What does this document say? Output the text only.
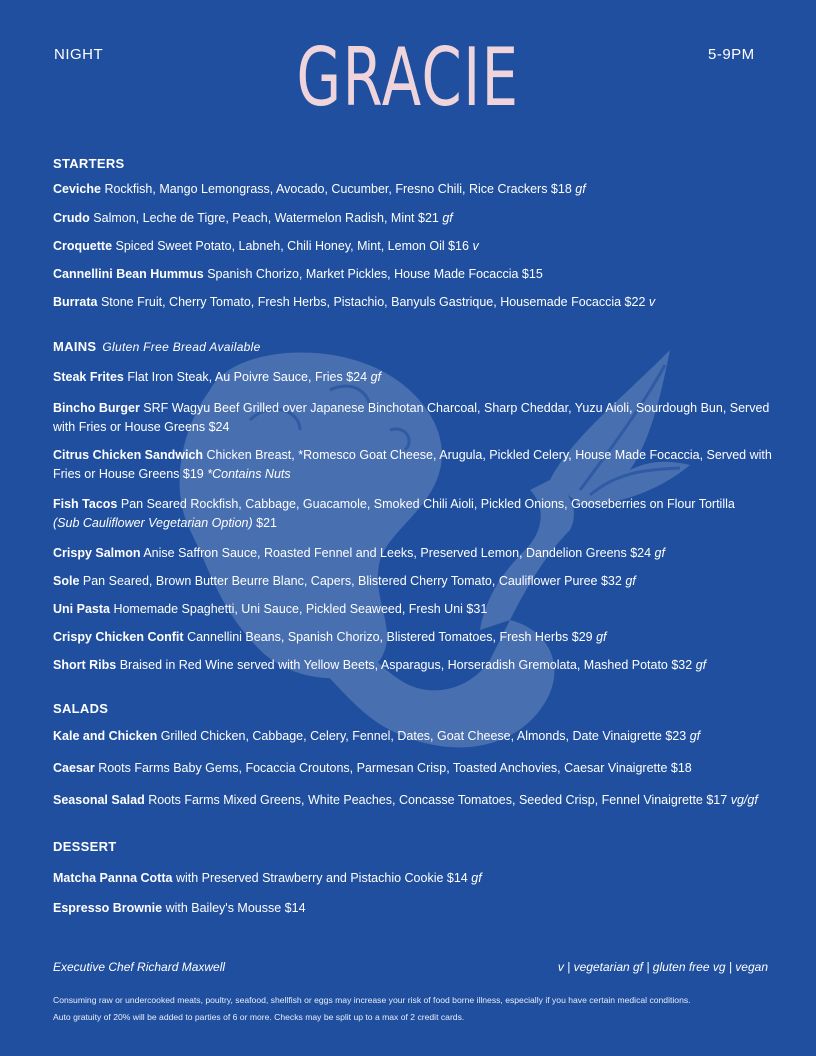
NIGHT	GRACIE	5-9PM
STARTERS
Ceviche Rockfish, Mango Lemongrass, Avocado, Cucumber, Fresno Chili, Rice Crackers $18 gf
Crudo Salmon, Leche de Tigre, Peach, Watermelon Radish, Mint $21 gf
Croquette Spiced Sweet Potato, Labneh, Chili Honey, Mint, Lemon Oil $16 v
Cannellini Bean Hummus Spanish Chorizo, Market Pickles, House Made Focaccia $15
Burrata Stone Fruit, Cherry Tomato, Fresh Herbs, Pistachio, Banyuls Gastrique, Housemade Focaccia $22 v
MAINS Gluten Free Bread Available
Steak Frites Flat Iron Steak, Au Poivre Sauce, Fries $24 gf
Bincho Burger SRF Wagyu Beef Grilled over Japanese Binchotan Charcoal, Sharp Cheddar, Yuzu Aioli, Sourdough Bun, Served with Fries or House Greens $24
Citrus Chicken Sandwich Chicken Breast, *Romesco Goat Cheese, Arugula, Pickled Celery, House Made Focaccia, Served with Fries or House Greens $19 *Contains Nuts
Fish Tacos Pan Seared Rockfish, Cabbage, Guacamole, Smoked Chili Aioli, Pickled Onions, Gooseberries on Flour Tortilla
(Sub Cauliflower Vegetarian Option) $21
Crispy Salmon Anise Saffron Sauce, Roasted Fennel and Leeks, Preserved Lemon, Dandelion Greens $24 gf
Sole Pan Seared, Brown Butter Beurre Blanc, Capers, Blistered Cherry Tomato, Cauliflower Puree $32 gf
Uni Pasta Homemade Spaghetti, Uni Sauce, Pickled Seaweed, Fresh Uni $31
Crispy Chicken Confit Cannellini Beans, Spanish Chorizo, Blistered Tomatoes, Fresh Herbs $29 gf
Short Ribs Braised in Red Wine served with Yellow Beets, Asparagus, Horseradish Gremolata, Mashed Potato $32 gf
SALADS
Kale and Chicken Grilled Chicken, Cabbage, Celery, Fennel, Dates, Goat Cheese, Almonds, Date Vinaigrette $23 gf
Caesar Roots Farms Baby Gems, Focaccia Croutons, Parmesan Crisp, Toasted Anchovies, Caesar Vinaigrette $18
Seasonal Salad Roots Farms Mixed Greens, White Peaches, Concasse Tomatoes, Seeded Crisp, Fennel Vinaigrette $17 vg/gf
DESSERT
Matcha Panna Cotta with Preserved Strawberry and Pistachio Cookie $14 gf
Espresso Brownie with Bailey's Mousse $14
Executive Chef Richard Maxwell	v | vegetarian gf | gluten free vg | vegan
Consuming raw or undercooked meats, poultry, seafood, shellfish or eggs may increase your risk of food borne illness, especially if you have certain medical conditions.
Auto gratuity of 20% will be added to parties of 6 or more. Checks may be split up to a max of 2 credit cards.
